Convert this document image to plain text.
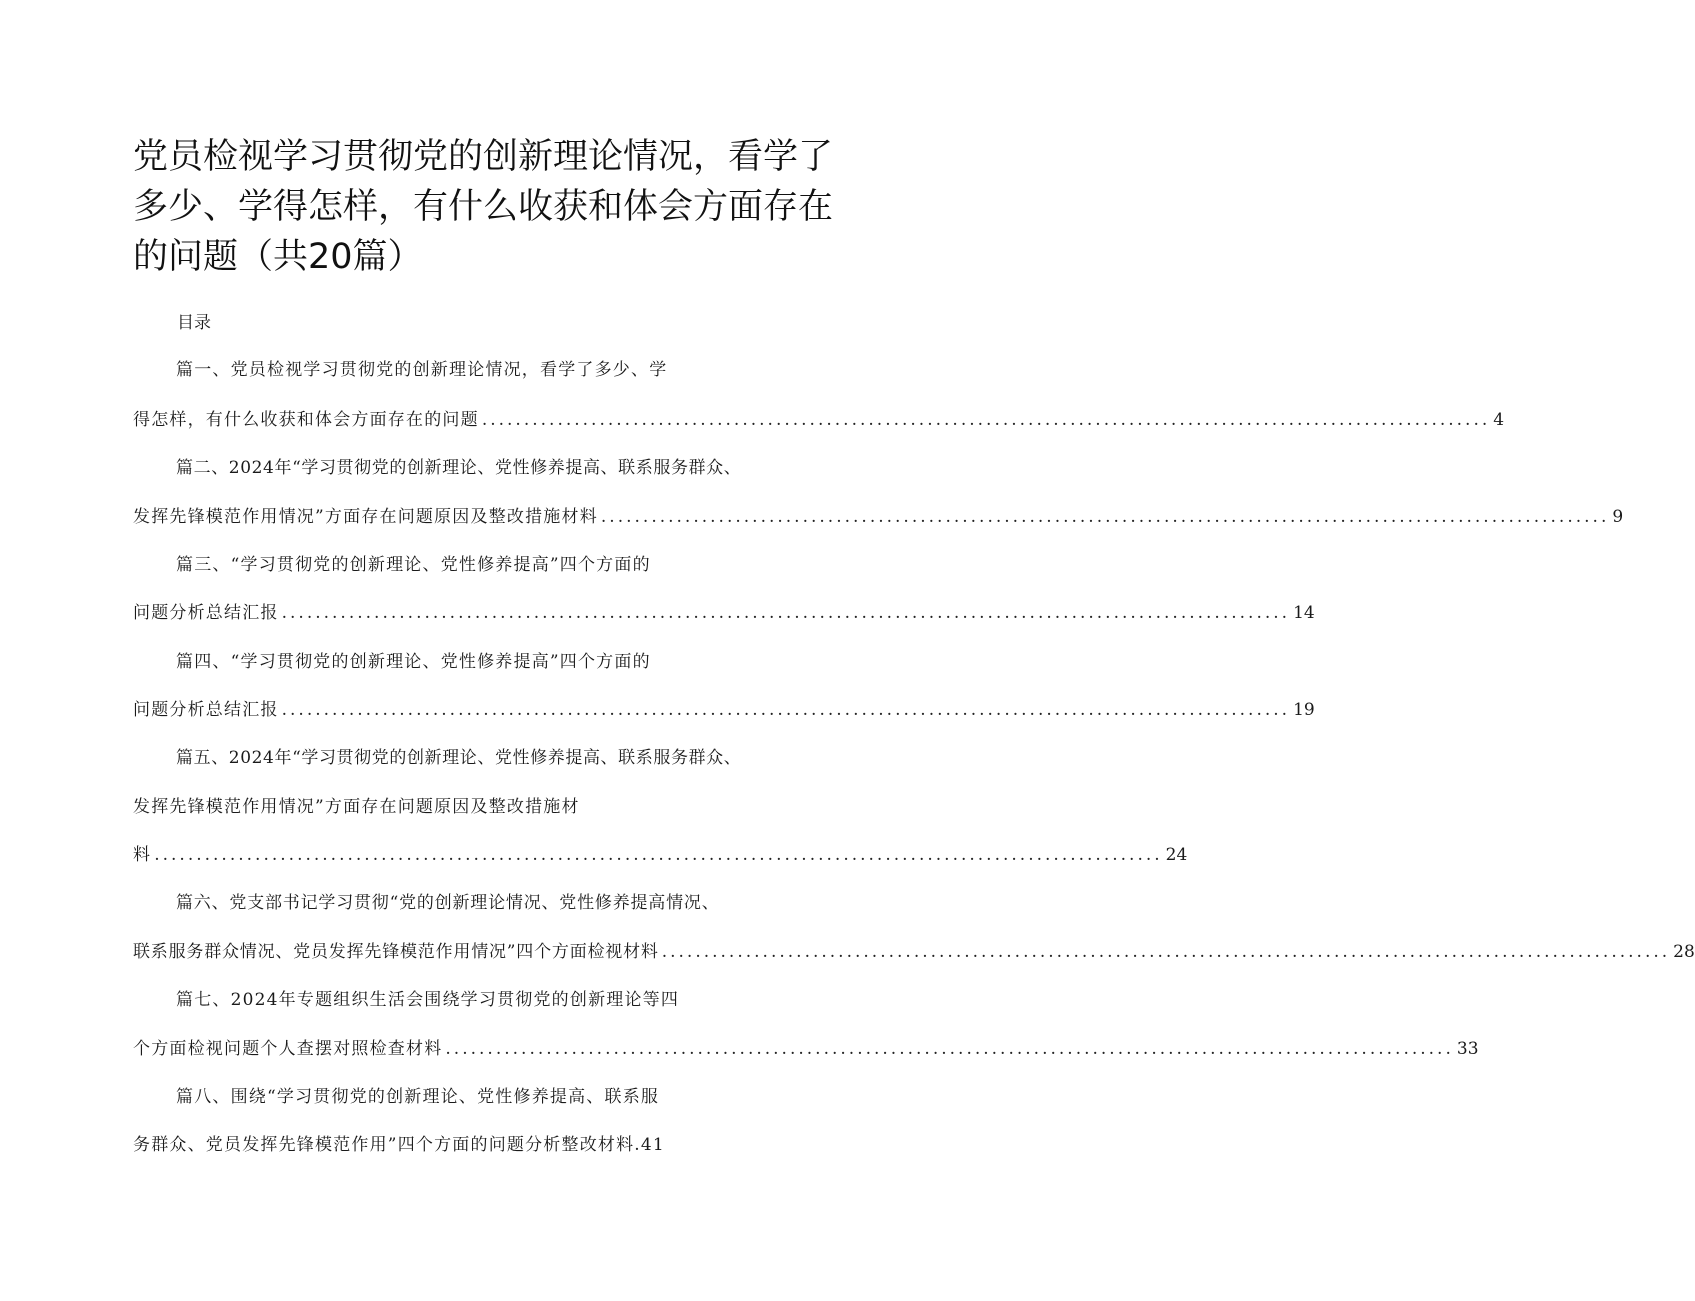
党员检视学习贯彻党的创新理论情况，看学了
多少、学得怎样，有什么收获和体会方面存在
的问题（共20篇）
目录
篇一、党员检视学习贯彻党的创新理论情况，看学了多少、学
得怎样，有什么收获和体会方面存在的问题 ........................................................................................................................ 4
篇二、2024年“学习贯彻党的创新理论、党性修养提高、联系服务群众、
发挥先锋模范作用情况”方面存在问题原因及整改措施材料 ........................................................................................................................ 9
篇三、“学习贯彻党的创新理论、党性修养提高”四个方面的
问题分析总结汇报 ........................................................................................................................ 14
篇四、“学习贯彻党的创新理论、党性修养提高”四个方面的
问题分析总结汇报 ........................................................................................................................ 19
篇五、2024年“学习贯彻党的创新理论、党性修养提高、联系服务群众、
发挥先锋模范作用情况”方面存在问题原因及整改措施材
料 ........................................................................................................................ 24
篇六、党支部书记学习贯彻“党的创新理论情况、党性修养提高情况、
联系服务群众情况、党员发挥先锋模范作用情况”四个方面检视材料 ........................................................................................................................ 28
篇七、2024年专题组织生活会围绕学习贯彻党的创新理论等四
个方面检视问题个人查摆对照检查材料 ........................................................................................................................ 33
篇八、围绕“学习贯彻党的创新理论、党性修养提高、联系服
务群众、党员发挥先锋模范作用”四个方面的问题分析整改材料.41
